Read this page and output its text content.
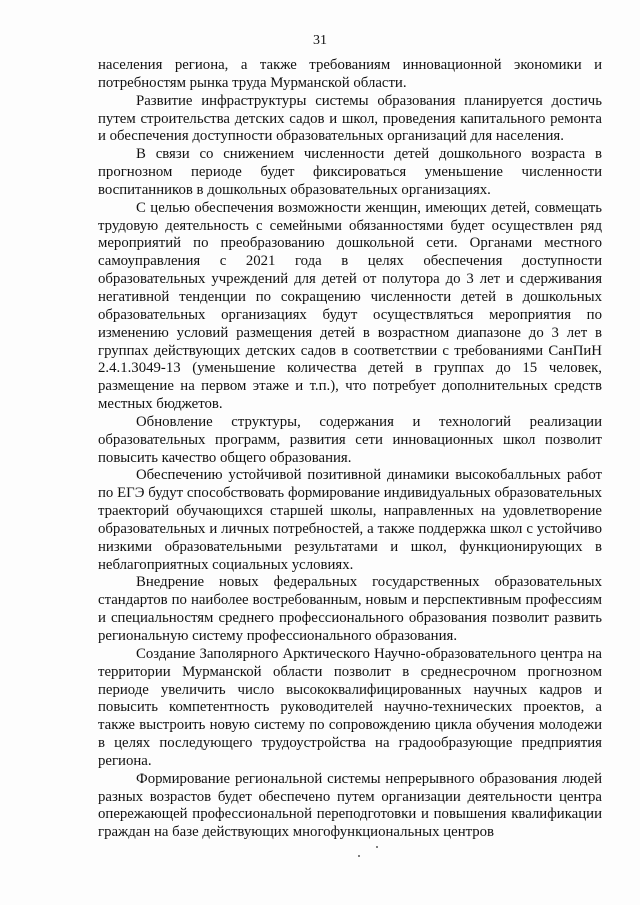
31

населения региона, а также требованиям инновационной экономики и потребностям рынка труда Мурманской области.

Развитие инфраструктуры системы образования планируется достичь путем строительства детских садов и школ, проведения капитального ремонта и обеспечения доступности образовательных организаций для населения.

В связи со снижением численности детей дошкольного возраста в прогнозном периоде будет фиксироваться уменьшение численности воспитанников в дошкольных образовательных организациях.

С целью обеспечения возможности женщин, имеющих детей, совмещать трудовую деятельность с семейными обязанностями будет осуществлен ряд мероприятий по преобразованию дошкольной сети. Органами местного самоуправления с 2021 года в целях обеспечения доступности образовательных учреждений для детей от полутора до 3 лет и сдерживания негативной тенденции по сокращению численности детей в дошкольных образовательных организациях будут осуществляться мероприятия по изменению условий размещения детей в возрастном диапазоне до 3 лет в группах действующих детских садов в соответствии с требованиями СанПиН 2.4.1.3049-13 (уменьшение количества детей в группах до 15 человек, размещение на первом этаже и т.п.), что потребует дополнительных средств местных бюджетов.

Обновление структуры, содержания и технологий реализации образовательных программ, развития сети инновационных школ позволит повысить качество общего образования.

Обеспечению устойчивой позитивной динамики высокобалльных работ по ЕГЭ будут способствовать формирование индивидуальных образовательных траекторий обучающихся старшей школы, направленных на удовлетворение образовательных и личных потребностей, а также поддержка школ с устойчиво низкими образовательными результатами и школ, функционирующих в неблагоприятных социальных условиях.

Внедрение новых федеральных государственных образовательных стандартов по наиболее востребованным, новым и перспективным профессиям и специальностям среднего профессионального образования позволит развить региональную систему профессионального образования.

Создание Заполярного Арктического Научно-образовательного центра на территории Мурманской области позволит в среднесрочном прогнозном периоде увеличить число высококвалифицированных научных кадров и повысить компетентность руководителей научно-технических проектов, а также выстроить новую систему по сопровождению цикла обучения молодежи в целях последующего трудоустройства на градообразующие предприятия региона.

Формирование региональной системы непрерывного образования людей разных возрастов будет обеспечено путем организации деятельности центра опережающей профессиональной переподготовки и повышения квалификации граждан на базе действующих многофункциональных центров
